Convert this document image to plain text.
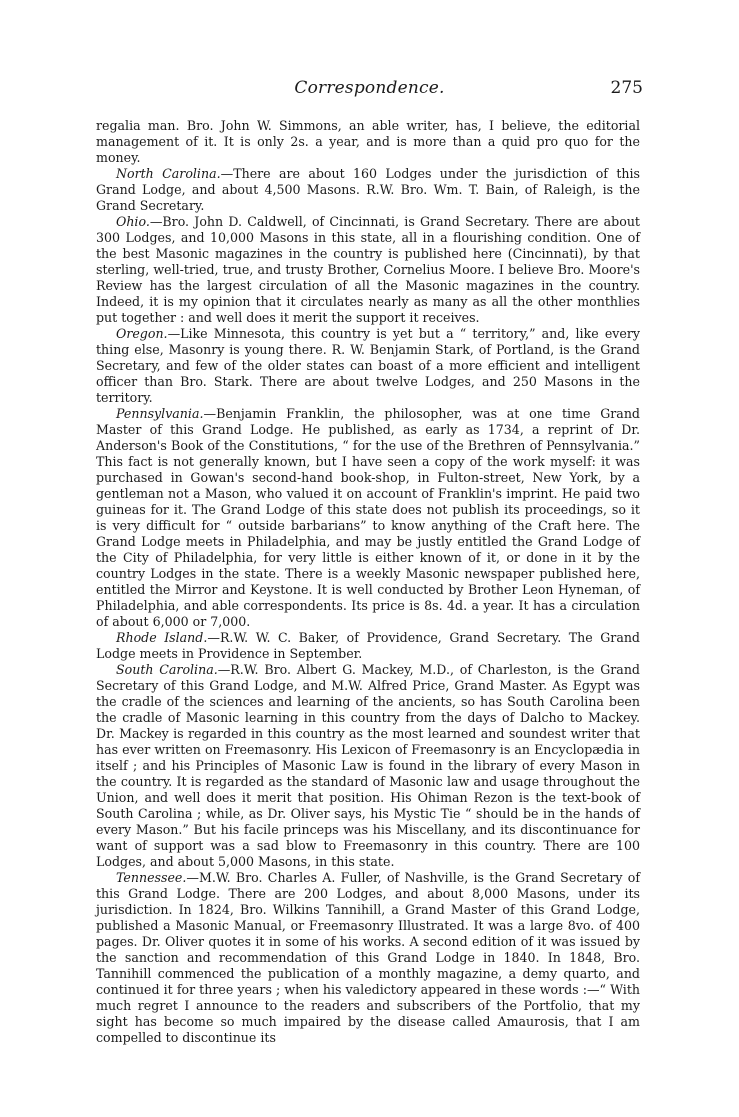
Correspondence.	275

regalia man. Bro. John W. Simmons, an able writer, has, I believe, the editorial management of it. It is only 2s. a year, and is more than a quid pro quo for the money.

North Carolina.—There are about 160 Lodges under the jurisdiction of this Grand Lodge, and about 4,500 Masons. R.W. Bro. Wm. T. Bain, of Raleigh, is the Grand Secretary.

Ohio.—Bro. John D. Caldwell, of Cincinnati, is Grand Secretary. There are about 300 Lodges, and 10,000 Masons in this state, all in a flourishing condition. One of the best Masonic magazines in the country is published here (Cincinnati), by that sterling, well-tried, true, and trusty Brother, Cornelius Moore. I believe Bro. Moore's Review has the largest circulation of all the Masonic magazines in the country. Indeed, it is my opinion that it circulates nearly as many as all the other monthlies put together : and well does it merit the support it receives.

Oregon.—Like Minnesota, this country is yet but a “ territory,” and, like every thing else, Masonry is young there. R. W. Benjamin Stark, of Portland, is the Grand Secretary, and few of the older states can boast of a more efficient and intelligent officer than Bro. Stark. There are about twelve Lodges, and 250 Masons in the territory.

Pennsylvania.—Benjamin Franklin, the philosopher, was at one time Grand Master of this Grand Lodge. He published, as early as 1734, a reprint of Dr. Anderson's Book of the Constitutions, “ for the use of the Brethren of Pennsylvania.” This fact is not generally known, but I have seen a copy of the work myself: it was purchased in Gowan's second-hand book-shop, in Fulton-street, New York, by a gentleman not a Mason, who valued it on account of Franklin's imprint. He paid two guineas for it. The Grand Lodge of this state does not publish its proceedings, so it is very difficult for “ outside barbarians” to know anything of the Craft here. The Grand Lodge meets in Philadelphia, and may be justly entitled the Grand Lodge of the City of Philadelphia, for very little is either known of it, or done in it by the country Lodges in the state. There is a weekly Masonic newspaper published here, entitled the Mirror and Keystone. It is well conducted by Brother Leon Hyneman, of Philadelphia, and able correspondents. Its price is 8s. 4d. a year. It has a circulation of about 6,000 or 7,000.

Rhode Island.—R.W. W. C. Baker, of Providence, Grand Secretary. The Grand Lodge meets in Providence in September.

South Carolina.—R.W. Bro. Albert G. Mackey, M.D., of Charleston, is the Grand Secretary of this Grand Lodge, and M.W. Alfred Price, Grand Master. As Egypt was the cradle of the sciences and learning of the ancients, so has South Carolina been the cradle of Masonic learning in this country from the days of Dalcho to Mackey. Dr. Mackey is regarded in this country as the most learned and soundest writer that has ever written on Freemasonry. His Lexicon of Freemasonry is an Encyclopædia in itself ; and his Principles of Masonic Law is found in the library of every Mason in the country. It is regarded as the standard of Masonic law and usage throughout the Union, and well does it merit that position. His Ohiman Rezon is the text-book of South Carolina ; while, as Dr. Oliver says, his Mystic Tie “ should be in the hands of every Mason.” But his facile princeps was his Miscellany, and its discontinuance for want of support was a sad blow to Freemasonry in this country. There are 100 Lodges, and about 5,000 Masons, in this state.

Tennessee.—M.W. Bro. Charles A. Fuller, of Nashville, is the Grand Secretary of this Grand Lodge. There are 200 Lodges, and about 8,000 Masons, under its jurisdiction. In 1824, Bro. Wilkins Tannihill, a Grand Master of this Grand Lodge, published a Masonic Manual, or Freemasonry Illustrated. It was a large 8vo. of 400 pages. Dr. Oliver quotes it in some of his works. A second edition of it was issued by the sanction and recommendation of this Grand Lodge in 1840. In 1848, Bro. Tannihill commenced the publication of a monthly magazine, a demy quarto, and continued it for three years ; when his valedictory appeared in these words :—“ With much regret I announce to the readers and subscribers of the Portfolio, that my sight has become so much impaired by the disease called Amaurosis, that I am compelled to discontinue its
